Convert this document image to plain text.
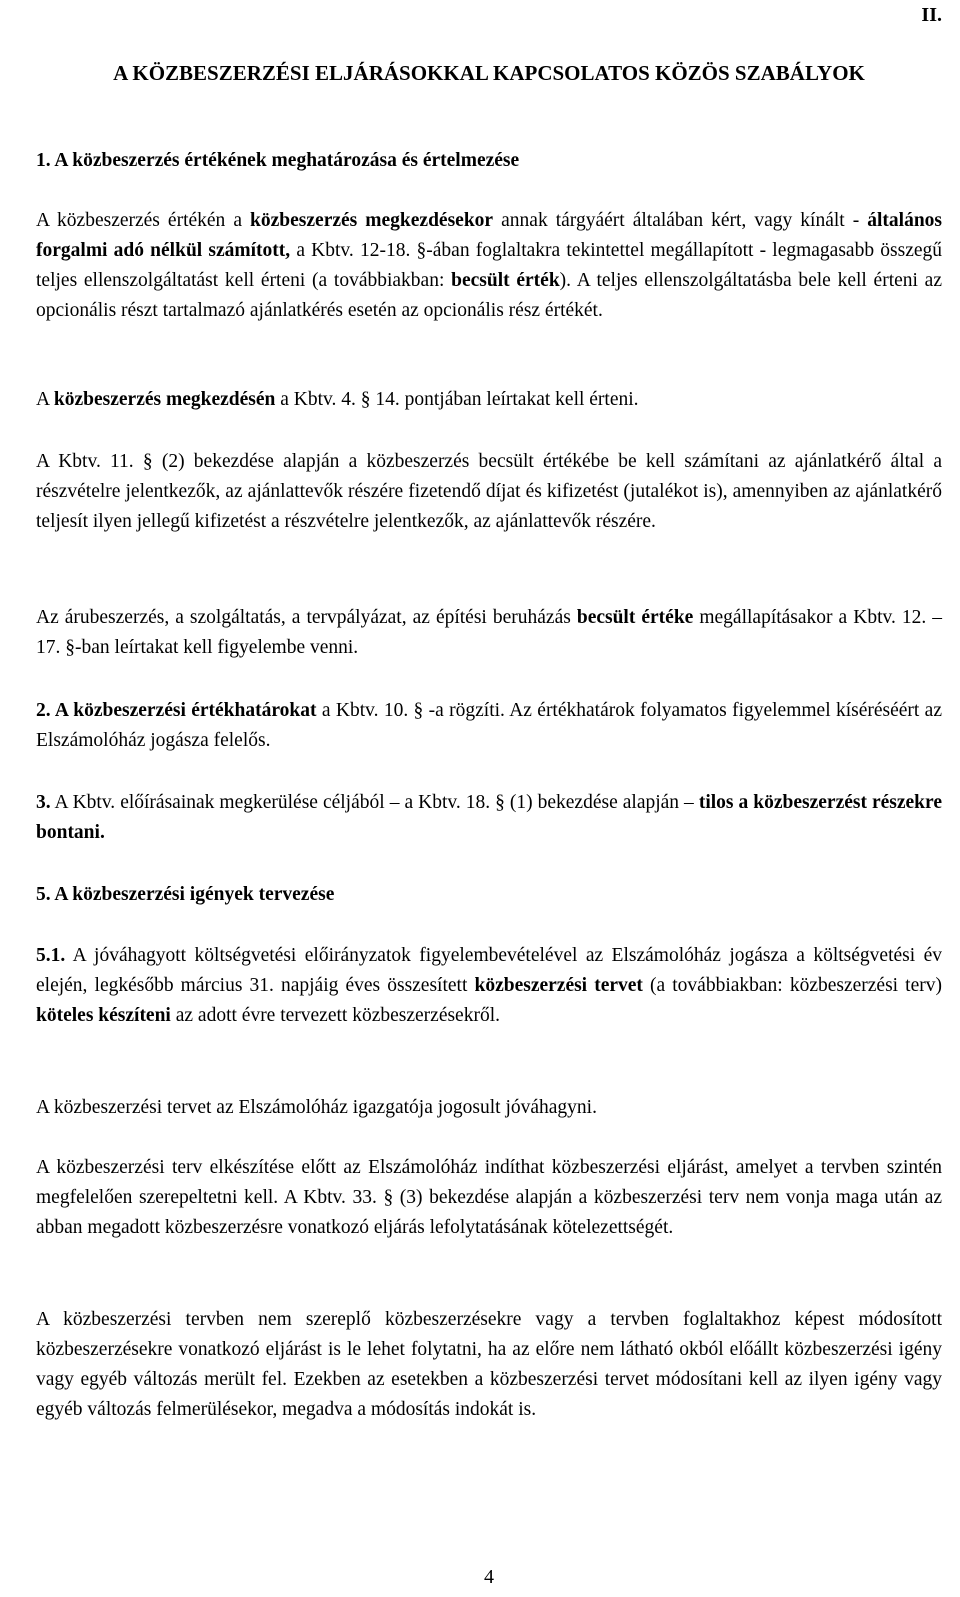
II.
A KÖZBESZERZÉSI ELJÁRÁSOKKAL KAPCSOLATOS KÖZÖS SZABÁLYOK

1. A közbeszerzés értékének meghatározása és értelmezése

A közbeszerzés értékén a közbeszerzés megkezdésekor annak tárgyáért általában kért, vagy kínált - általános forgalmi adó nélkül számított, a Kbtv. 12-18. §-ában foglaltakra tekintettel megállapított - legmagasabb összegű teljes ellenszolgáltatást kell érteni (a továbbiakban: becsült érték). A teljes ellenszolgáltatásba bele kell érteni az opcionális részt tartalmazó ajánlatkérés esetén az opcionális rész értékét.

A közbeszerzés megkezdésén a Kbtv. 4. § 14. pontjában leírtakat kell érteni.

A Kbtv. 11. § (2) bekezdése alapján a közbeszerzés becsült értékébe be kell számítani az ajánlatkérő által a részvételre jelentkezők, az ajánlattevők részére fizetendő díjat és kifizetést (jutalékot is), amennyiben az ajánlatkérő teljesít ilyen jellegű kifizetést a részvételre jelentkezők, az ajánlattevők részére.

Az árubeszerzés, a szolgáltatás, a tervpályázat, az építési beruházás becsült értéke megállapításakor a Kbtv. 12. – 17. §-ban leírtakat kell figyelembe venni.

2. A közbeszerzési értékhatárokat a Kbtv. 10. § -a rögzíti. Az értékhatárok folyamatos figyelemmel kíséréséért az Elszámolóház jogásza felelős.

3. A Kbtv. előírásainak megkerülése céljából – a Kbtv. 18. § (1) bekezdése alapján – tilos a közbeszerzést részekre bontani.

5. A közbeszerzési igények tervezése

5.1. A jóváhagyott költségvetési előirányzatok figyelembevételével az Elszámolóház jogásza a költségvetési év elején, legkésőbb március 31. napjáig éves összesített közbeszerzési tervet (a továbbiakban: közbeszerzési terv) köteles készíteni az adott évre tervezett közbeszerzésekről.

A közbeszerzési tervet az Elszámolóház igazgatója jogosult jóváhagyni.

A közbeszerzési terv elkészítése előtt az Elszámolóház indíthat közbeszerzési eljárást, amelyet a tervben szintén megfelelően szerepeltetni kell. A Kbtv. 33. § (3) bekezdése alapján a közbeszerzési terv nem vonja maga után az abban megadott közbeszerzésre vonatkozó eljárás lefolytatásának kötelezettségét.

A közbeszerzési tervben nem szereplő közbeszerzésekre vagy a tervben foglaltakhoz képest módosított közbeszerzésekre vonatkozó eljárást is le lehet folytatni, ha az előre nem látható okból előállt közbeszerzési igény vagy egyéb változás merült fel. Ezekben az esetekben a közbeszerzési tervet módosítani kell az ilyen igény vagy egyéb változás felmerülésekor, megadva a módosítás indokát is.

4
